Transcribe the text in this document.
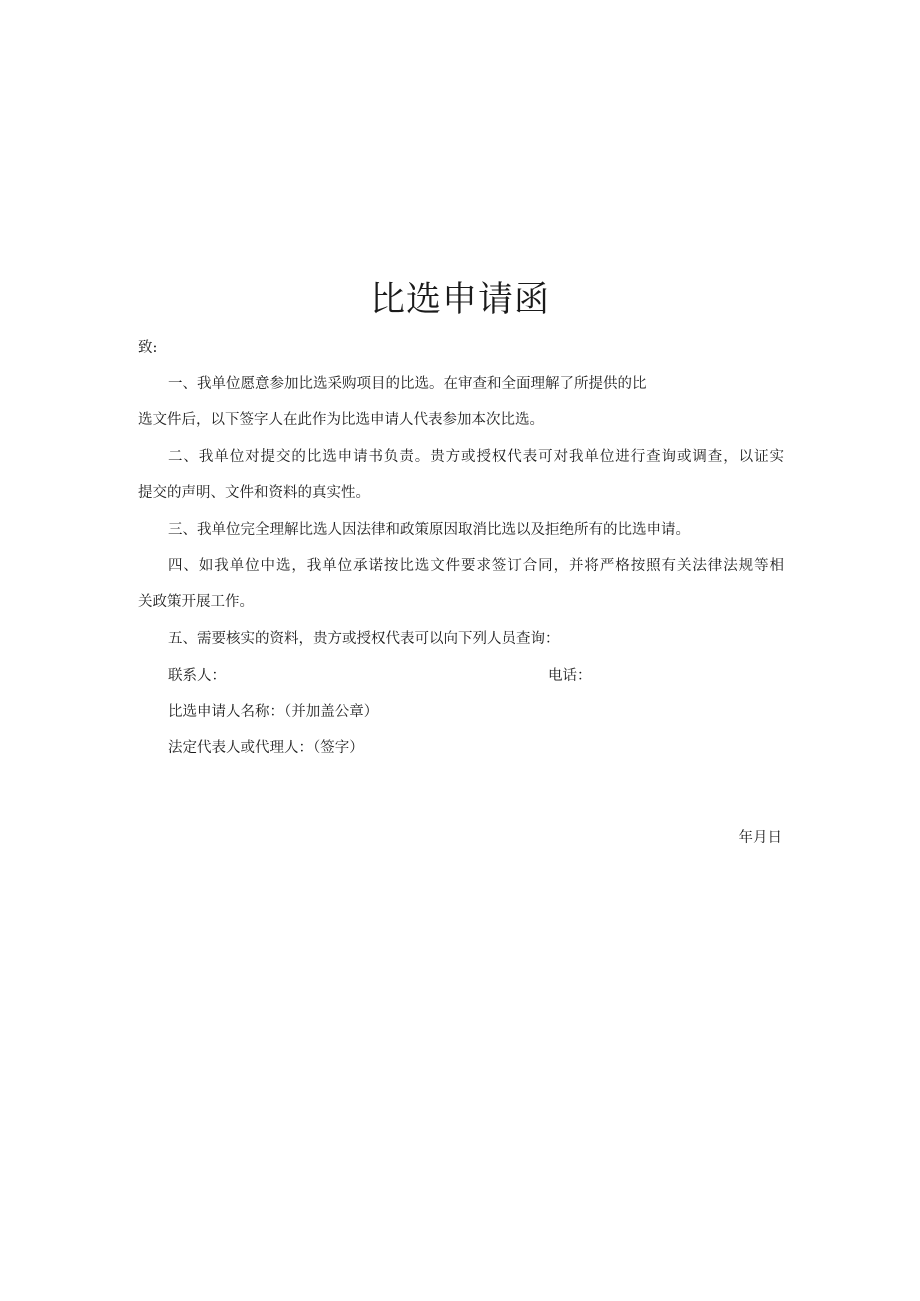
比选申请函

致:

一、我单位愿意参加比选采购项目的比选。在审查和全面理解了所提供的比

选文件后，以下签字人在此作为比选申请人代表参加本次比选。

二、我单位对提交的比选申请书负责。贵方或授权代表可对我单位进行查询或调查，以证实

提交的声明、文件和资料的真实性。

三、我单位完全理解比选人因法律和政策原因取消比选以及拒绝所有的比选申请。

四、如我单位中选，我单位承诺按比选文件要求签订合同，并将严格按照有关法律法规等相

关政策开展工作。

五、需要核实的资料，贵方或授权代表可以向下列人员查询：

联系人：	电话：

比选申请人名称：（并加盖公章）

法定代表人或代理人：（签字）

年月日
